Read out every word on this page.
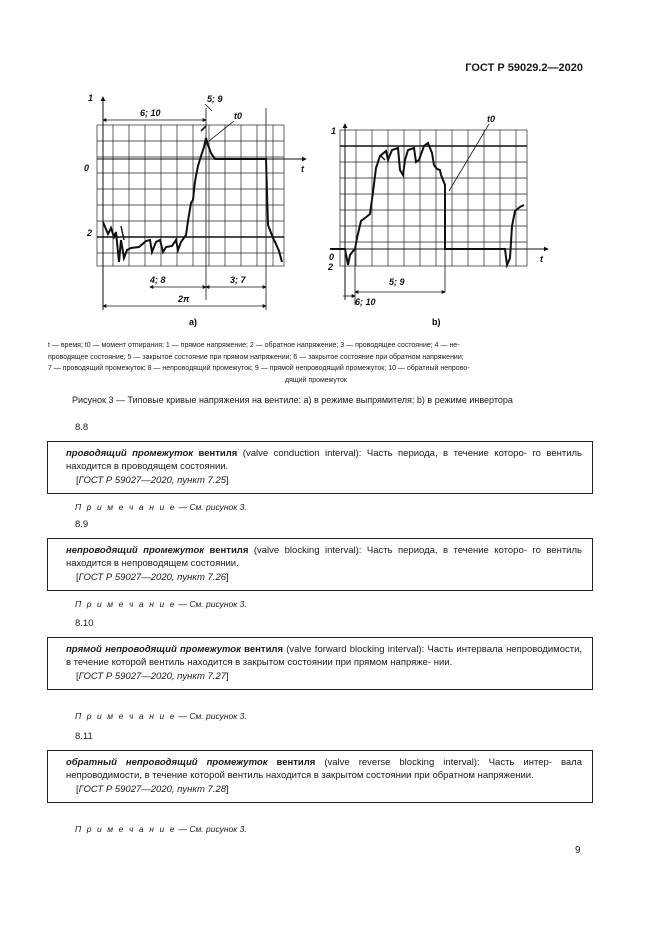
ГОСТ Р 59029.2—2020
1
t
0
2
6; 10
5; 9
t0
4; 8	3; 7
2π
a)
1
t
0
2
t0
5; 9
6; 10
b)
t — время; t0 — момент отпирания; 1 — прямое напряжение; 2 — обратное напряжение; 3 — проводящее состояние; 4 — не-
проводящее состояние; 5 — закрытое состояние при прямом напряжении; 6 — закрытое состояние при обратном напряжении;
7 — проводящий промежуток; 8 — непроводящий промежуток; 9 — прямой непроводящий промежуток; 10 — обратный непрово-
дящий промежуток
Рисунок 3 — Типовые кривые напряжения на вентиле: a) в режиме выпрямителя; b) в режиме инвертора
8.8

проводящий промежуток вентиля (valve conduction interval): Часть периода, в течение которо- го вентиль находится в проводящем состоянии.

[ГОСТ Р 59027—2020, пункт 7.25]
П р и м е ч а н и е — См. рисунок 3.
8.9

непроводящий промежуток вентиля (valve blocking interval): Часть периода, в течение которо- го вентиль находится в непроводящем состоянии.

[ГОСТ Р 59027—2020, пункт 7.26]
П р и м е ч а н и е — См. рисунок 3.
8.10

прямой непроводящий промежуток вентиля (valve forward blocking interval): Часть интервала непроводимости, в течение которой вентиль находится в закрытом состоянии при прямом напряже- нии.

[ГОСТ Р 59027—2020, пункт 7.27]
П р и м е ч а н и е — См. рисунок 3.
8.11

обратный непроводящий промежуток вентиля (valve reverse blocking interval): Часть интер- вала непроводимости, в течение которой вентиль находится в закрытом состоянии при обратном напряжении.

[ГОСТ Р 59027—2020, пункт 7.28]
П р и м е ч а н и е — См. рисунок 3.
9
